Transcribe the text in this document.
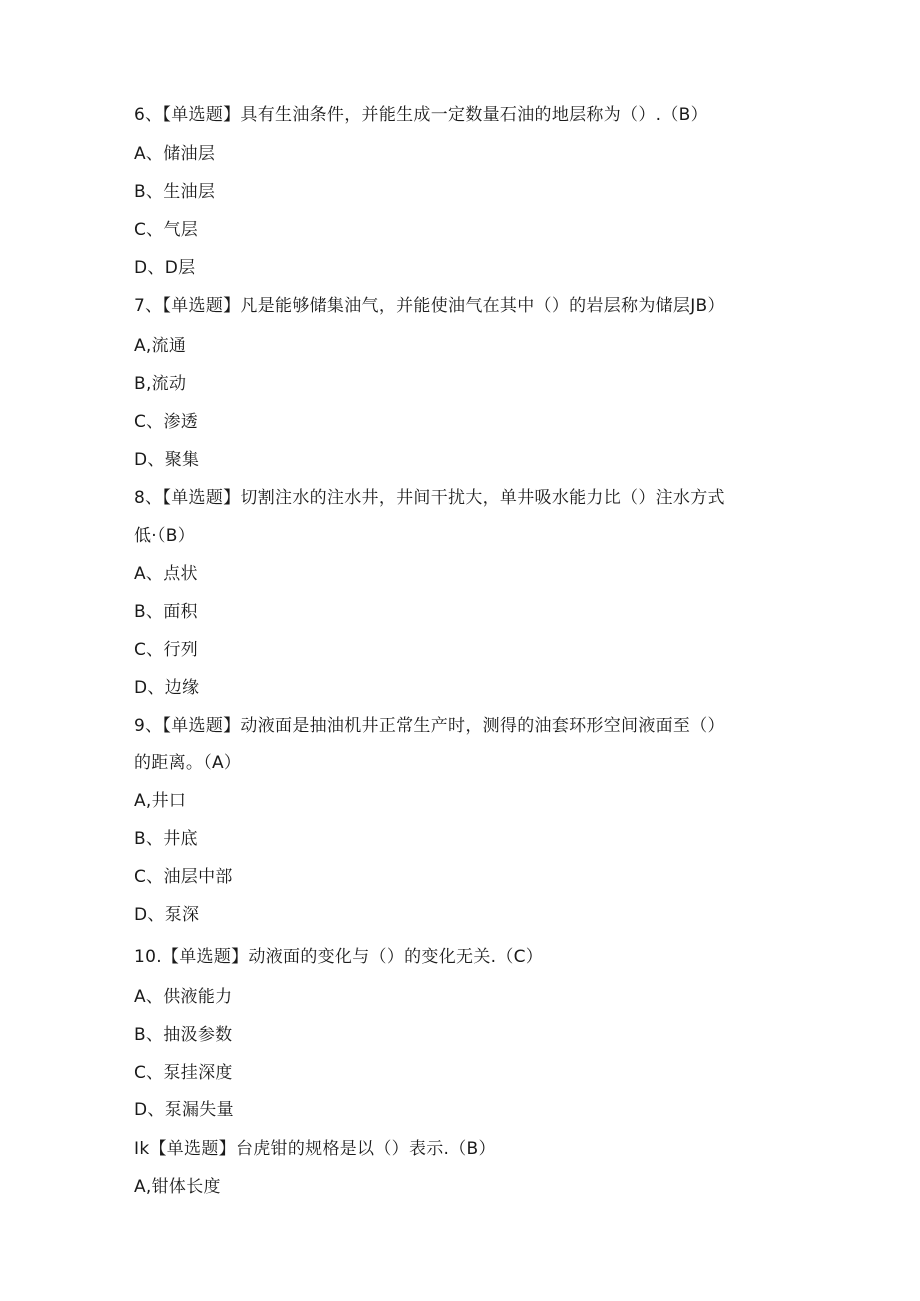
6、【单选题】具有生油条件，并能生成一定数量石油的地层称为（）.（B）
A、储油层
B、生油层
C、气层
D、D层
7、【单选题】凡是能够储集油气，并能使油气在其中（）的岩层称为储层JB）
A,流通
B,流动
C、渗透
D、聚集
8、【单选题】切割注水的注水井，井间干扰大，单井吸水能力比（）注水方式
低·（B）
A、点状
B、面积
C、行列
D、边缘
9、【单选题】动液面是抽油机井正常生产时，测得的油套环形空间液面至（）
的距离。（A）
A,井口
B、井底
C、油层中部
D、泵深
10.【单选题】动液面的变化与（）的变化无关.（C）
A、供液能力
B、抽汲参数
C、泵挂深度
D、泵漏失量
Ik【单选题】台虎钳的规格是以（）表示.（B）
A,钳体长度
